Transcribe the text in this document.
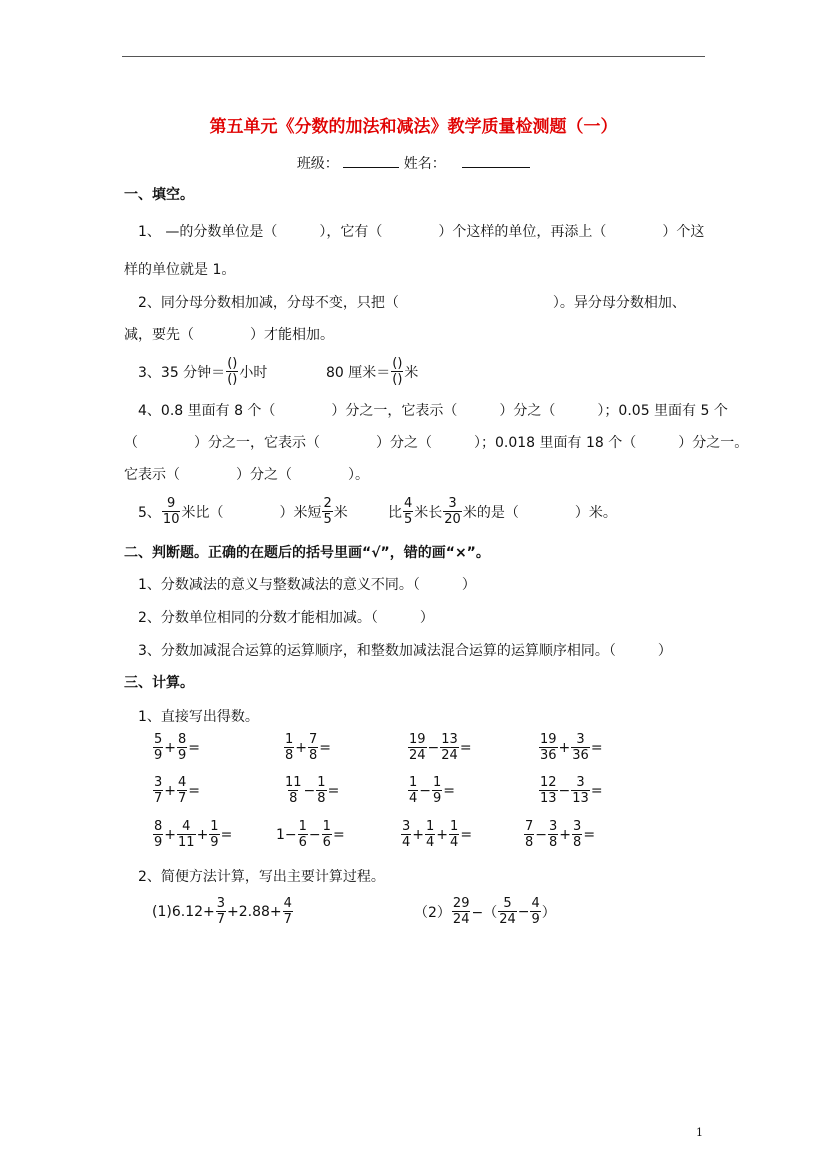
第五单元《分数的加法和减法》教学质量检测题（一）
班级：	姓名：
一、填空。
1、 —的分数单位是（　　　），它有（　　　　）个这样的单位，再添上（　　　　）个这
样的单位就是 1。
2、同分母分数相加减，分母不变，只把（　　　　　　　　　　　）。异分母分数相加、
减，要先（　　　　）才能相加。
3、 35 分钟＝ $\frac{()}{()}$ 小时	80 厘米＝ $\frac{()}{()}$ 米
4、0.8 里面有 8 个（　　　　）分之一，它表示（　　　）分之（　　　）；0.05 里面有 5 个
（　　　　）分之一，它表示（　　　　）分之（　　　）；0.018 里面有 18 个（　　　）分之一。
它表示（　　　　）分之（　　　　）。
5、 $\frac{9}{10}$ 米比（　　　　）米短 $\frac{2}{5}$ 米	比 $\frac{4}{5}$ 米长 $\frac{3}{20}$ 米的是（　　　　）米。
二、判断题。正确的在题后的括号里画“√”，错的画“×”。
1、分数减法的意义与整数减法的意义不同。（　　　）
2、分数单位相同的分数才能相加减。（　　　）
3、分数加减混合运算的运算顺序，和整数加减法混合运算的运算顺序相同。（　　　）
三、计算。
1、直接写出得数。
$\frac{5}{9} + \frac{8}{9}$ =	$\frac{1}{8} + \frac{7}{8}$ =	$\frac{19}{24} - \frac{13}{24}$ =	$\frac{19}{36} + \frac{3}{36}$ =
$\frac{3}{7} + \frac{4}{7}$ =	$\frac{11}{8} - \frac{1}{8}$ =	$\frac{1}{4} - \frac{1}{9}$ =	$\frac{12}{13} - \frac{3}{13}$ =
$\frac{8}{9} + \frac{4}{11} + \frac{1}{9}$ =	$1- \frac{1}{6} - \frac{1}{6}$ =	$\frac{3}{4} + \frac{1}{4} + \frac{1}{4}$ =	$\frac{7}{8} - \frac{3}{8} + \frac{3}{8}$ =
2、简便方法计算，写出主要计算过程。
$(1)6.12+ \frac{3}{7} +2.88+ \frac{4}{7}$	$(2) \frac{29}{24}$ −（ $\frac{5}{24} - \frac{4}{9}$ ）
1
